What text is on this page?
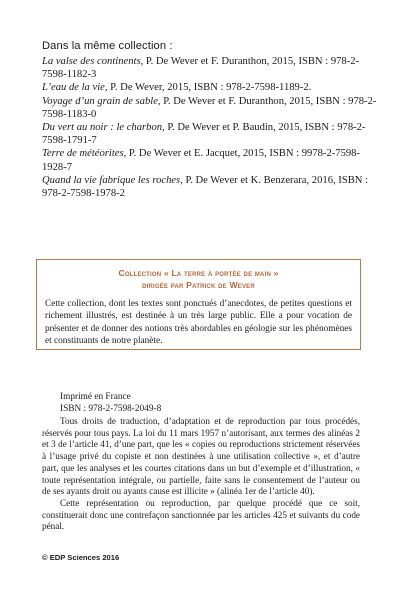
Dans la même collection :

La valse des continents, P. De Wever et F. Duranthon, 2015, ISBN : 978-2-7598-1182-3

L’eau de la vie, P. De Wever, 2015, ISBN : 978-2-7598-1189-2.

Voyage d’un grain de sable, P. De Wever et F. Duranthon, 2015, ISBN : 978-2-7598-1183-0

Du vert au noir : le charbon, P. De Wever et P. Baudin, 2015, ISBN : 978-2-7598-1791-7

Terre de météorites, P. De Wever et E. Jacquet, 2015, ISBN : 9978-2-7598-1928-7

Quand la vie fabrique les roches, P. De Wever et K. Benzerara, 2016, ISBN : 978-2-7598-1978-2

Collection « La terre à portée de main »
dirigée par Patrick de Wever
Cette collection, dont les textes sont ponctués d’anecdotes, de petites questions et richement illustrés, est destinée à un très large public. Elle a pour vocation de présenter et de donner des notions très abordables en géologie sur les phénomènes et constituants de notre planète.
Imprimé en France
ISBN : 978-2-7598-2049-8

Tous droits de traduction, d’adaptation et de reproduction par tous procédés, réservés pour tous pays. La loi du 11 mars 1957 n’autorisant, aux termes des alinéas 2 et 3 de l’article 41, d’une part, que les « copies ou reproductions strictement réservées à l’usage privé du copiste et non destinées à une utilisation collective », et d’autre part, que les analyses et les courtes citations dans un but d’exemple et d’illustration, « toute représentation intégrale, ou partielle, faite sans le consentement de l’auteur ou de ses ayants droit ou ayants cause est illicite » (alinéa 1er de l’article 40).

Cette représentation ou reproduction, par quelque procédé que ce soit, constituerait donc une contrefaçon sanctionnée par les articles 425 et suivants du code pénal.

© EDP Sciences 2016
